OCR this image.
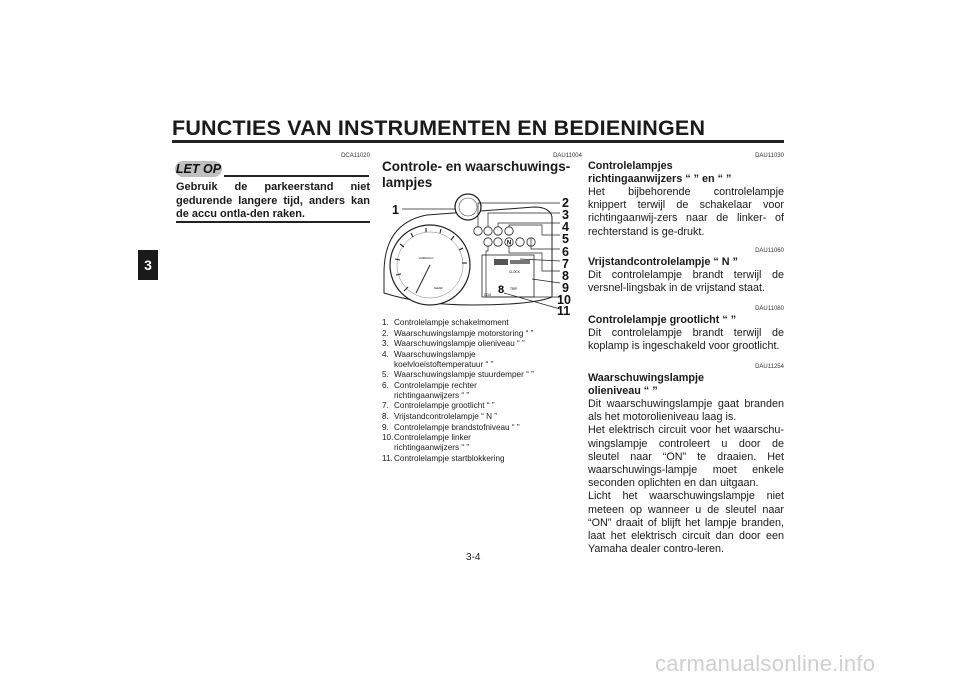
FUNCTIES VAN INSTRUMENTEN EN BEDIENINGEN
3
DCA11020
LET OP
Gebruik de parkeerstand niet gedurende langere tijd, anders kan de accu ontla-den raken.
DAU11004
Controle- en waarschuwings-
lampjes
x1000r/min
GEAR
CLOCK
TRIP
ODO 8
N
1	2
3
4
5
6
7
8
9
10
11
1. Controlelampje schakelmoment
2. Waarschuwingslampje motorstoring “ ”
3. Waarschuwingslampje olieniveau “ ”
4. Waarschuwingslampje
koelvloeistoftemperatuur “ ”
5. Waarschuwingslampje stuurdemper “ ”
6. Controlelampje rechter
richtingaanwijzers “ ”
7. Controlelampje grootlicht “ ”
8. Vrijstandcontrolelampje “ N ”
9. Controlelampje brandstofniveau “ ”
10.Controlelampje linker
richtingaanwijzers “ ”
11.Controlelampje startblokkering
DAU11030
Controlelampjes
richtingaanwijzers “ ” en “ ”
Het bijbehorende controlelampje knippert terwijl de schakelaar voor richtingaanwij-zers naar de linker- of rechterstand is ge-drukt.
DAU11060
Vrijstandcontrolelampje “ N ”
Dit controlelampje brandt terwijl de versnel-lingsbak in de vrijstand staat.
DAU11080
Controlelampje grootlicht “ ”
Dit controlelampje brandt terwijl de koplamp is ingeschakeld voor grootlicht.
DAU11254
Waarschuwingslampje
olieniveau “ ”
Dit waarschuwingslampje gaat branden als het motorolieniveau laag is.
Het elektrisch circuit voor het waarschu-wingslampje controleert u door de sleutel naar “ON” te draaien. Het waarschuwings-lampje moet enkele seconden oplichten en dan uitgaan.
Licht het waarschuwingslampje niet meteen op wanneer u de sleutel naar “ON” draait of blijft het lampje branden, laat het elektrisch circuit dan door een Yamaha dealer contro-leren.
3-4
carmanualsonline.info
